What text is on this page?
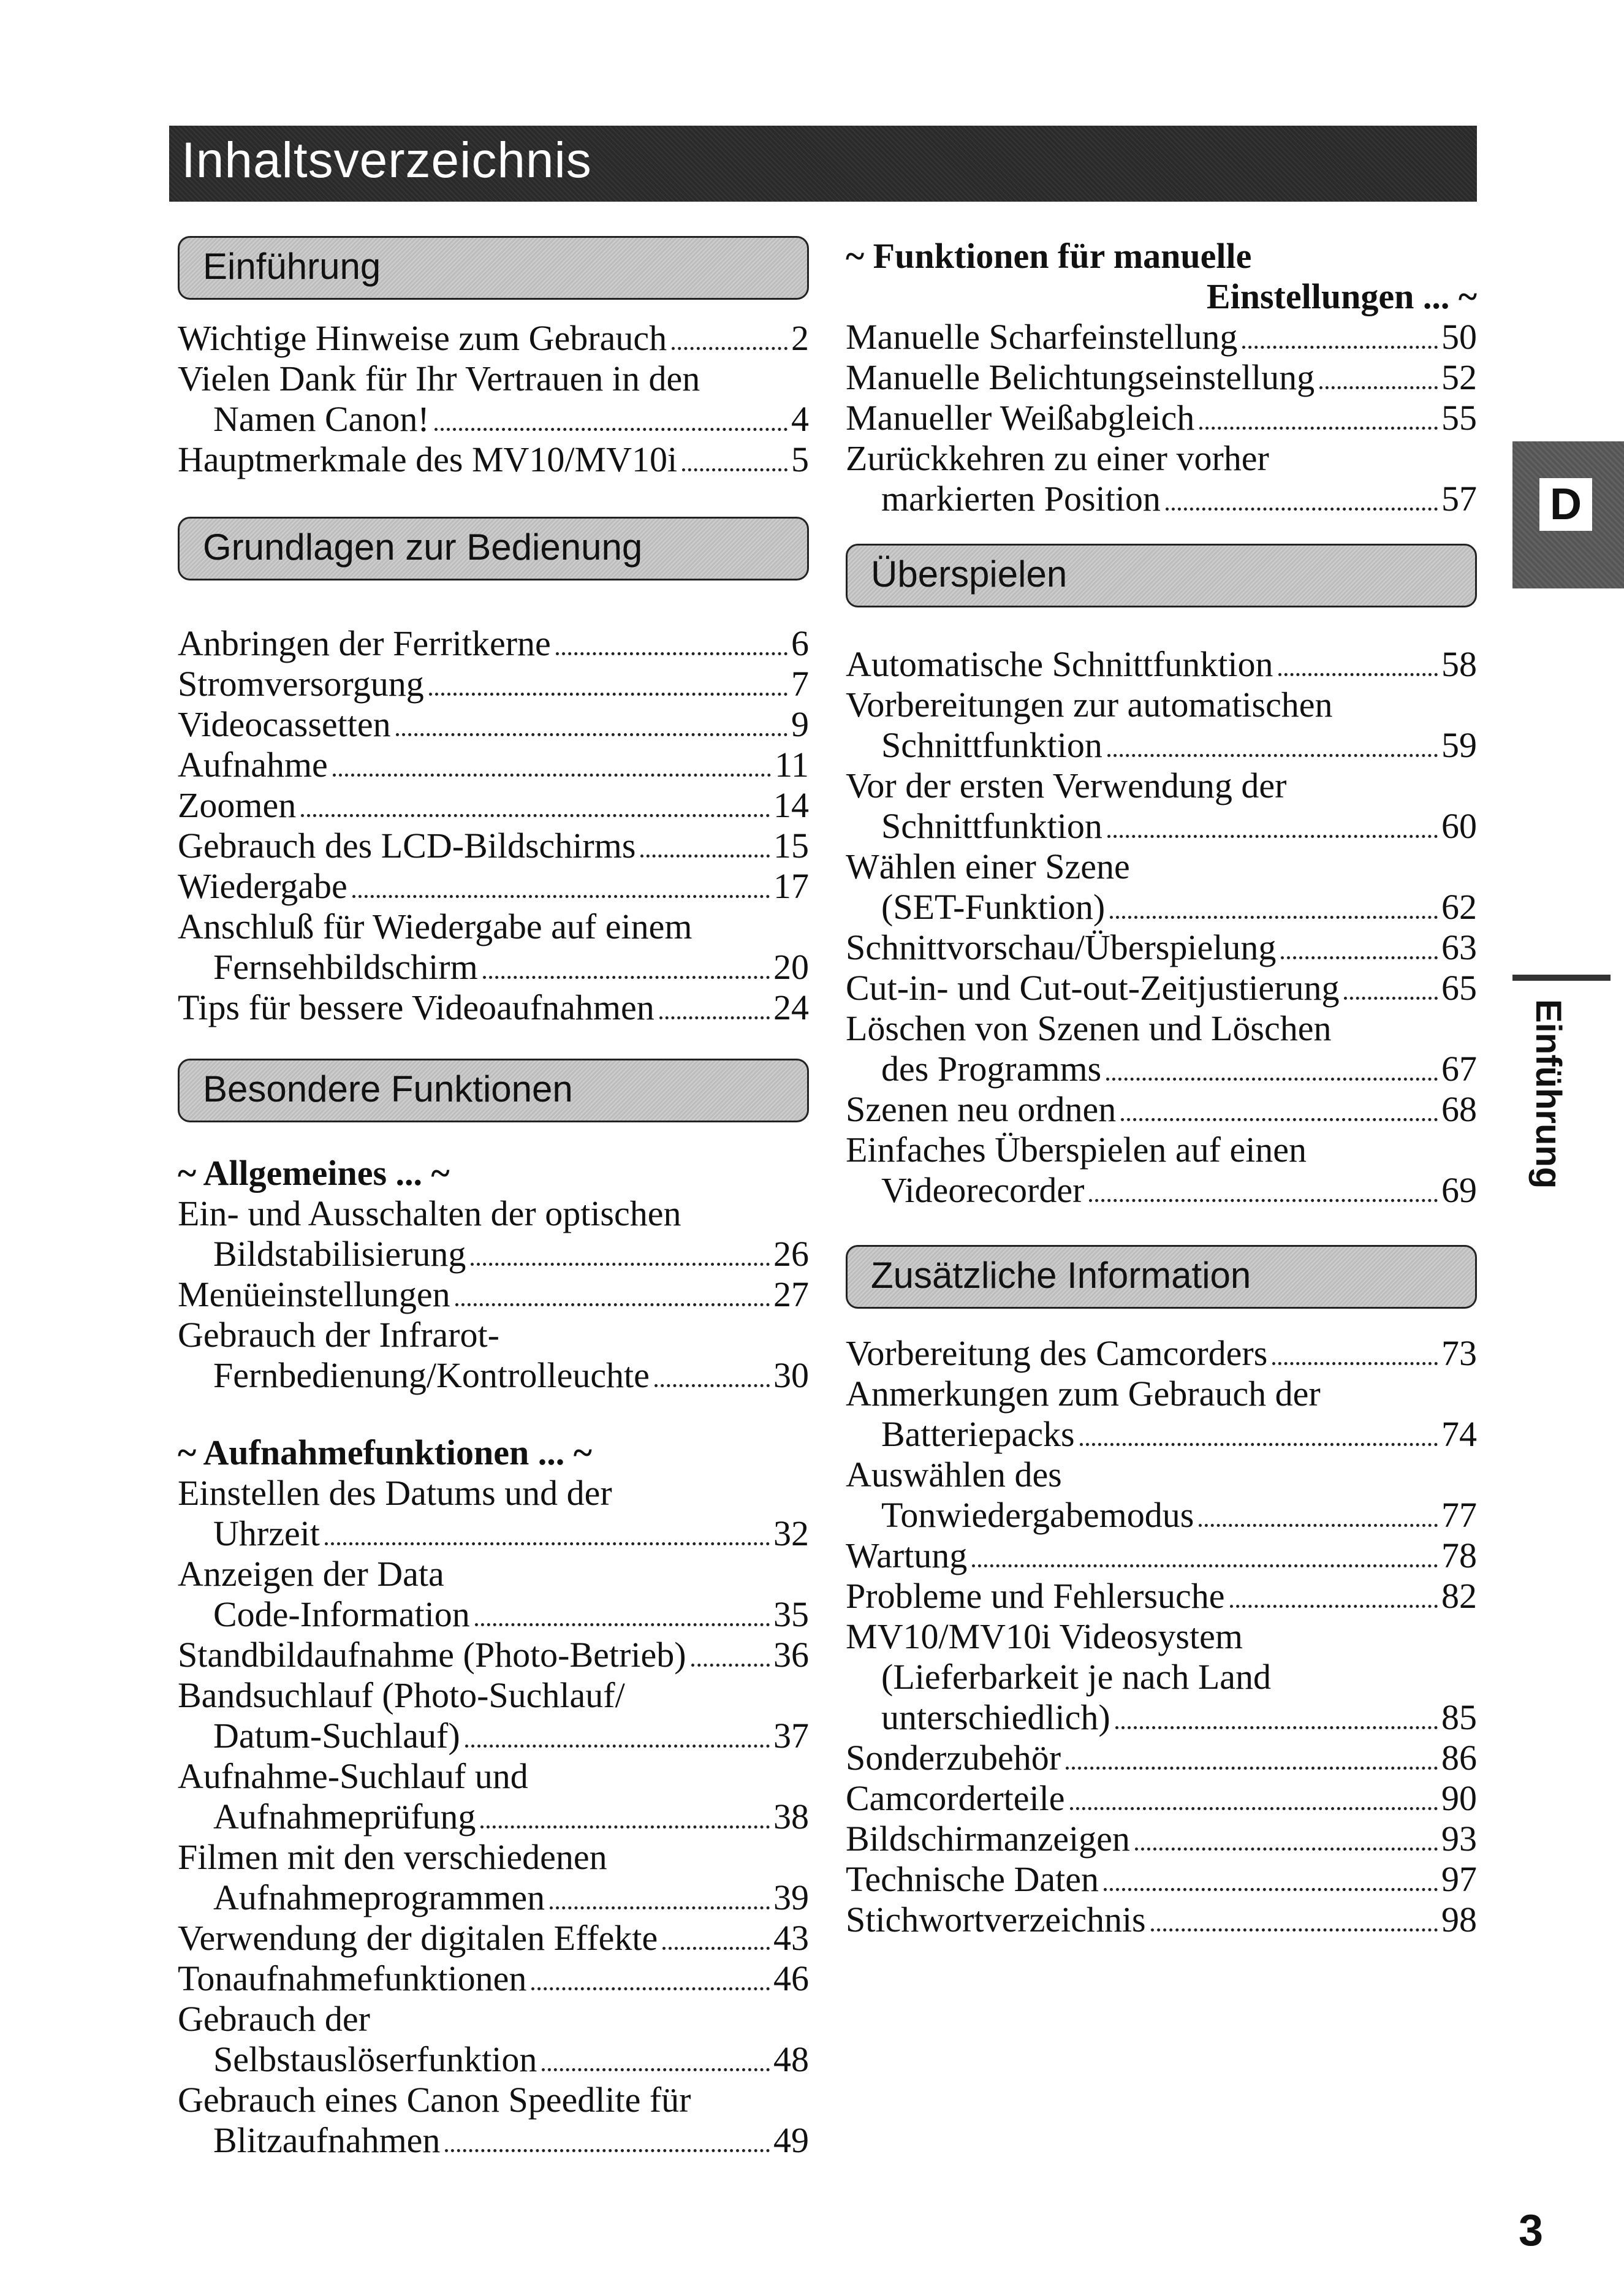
Inhaltsverzeichnis
Einführung
Wichtige Hinweise zum Gebrauch	2
Vielen Dank für Ihr Vertrauen in den
Namen Canon!	4
Hauptmerkmale des MV10/MV10i	5
Grundlagen zur Bedienung
Anbringen der Ferritkerne	6
Stromversorgung	7
Videocassetten	9
Aufnahme	11
Zoomen	14
Gebrauch des LCD-Bildschirms	15
Wiedergabe	17
Anschluß für Wiedergabe auf einem
Fernsehbildschirm	20
Tips für bessere Videoaufnahmen	24
Besondere Funktionen
~ Allgemeines ... ~
Ein- und Ausschalten der optischen
Bildstabilisierung	26
Menüeinstellungen	27
Gebrauch der Infrarot-
Fernbedienung/Kontrolleuchte	30
~ Aufnahmefunktionen ... ~
Einstellen des Datums und der
Uhrzeit	32
Anzeigen der Data
Code-Information	35
Standbildaufnahme (Photo-Betrieb) 36
Bandsuchlauf (Photo-Suchlauf/
Datum-Suchlauf)	37
Aufnahme-Suchlauf und
Aufnahmeprüfung	38
Filmen mit den verschiedenen
Aufnahmeprogrammen	39
Verwendung der digitalen Effekte	43
Tonaufnahmefunktionen	46
Gebrauch der
Selbstauslöserfunktion	48
Gebrauch eines Canon Speedlite für
Blitzaufnahmen	49
~ Funktionen für manuelle
Einstellungen ... ~
Manuelle Scharfeinstellung	50
Manuelle Belichtungseinstellung	52
Manueller Weißabgleich	55
Zurückkehren zu einer vorher
markierten Position	57
Überspielen
Automatische Schnittfunktion	58
Vorbereitungen zur automatischen
Schnittfunktion	59
Vor der ersten Verwendung der
Schnittfunktion	60
Wählen einer Szene
(SET-Funktion)	62
Schnittvorschau/Überspielung	63
Cut-in- und Cut-out-Zeitjustierung	65
Löschen von Szenen und Löschen
des Programms	67
Szenen neu ordnen	68
Einfaches Überspielen auf einen
Videorecorder	69
Zusätzliche Information
Vorbereitung des Camcorders	73
Anmerkungen zum Gebrauch der
Batteriepacks	74
Auswählen des
Tonwiedergabemodus	77
Wartung	78
Probleme und Fehlersuche	82
MV10/MV10i Videosystem
(Lieferbarkeit je nach Land
unterschiedlich)	85
Sonderzubehör	86
Camcorderteile	90
Bildschirmanzeigen	93
Technische Daten	97
Stichwortverzeichnis	98
D
Einführung
3
